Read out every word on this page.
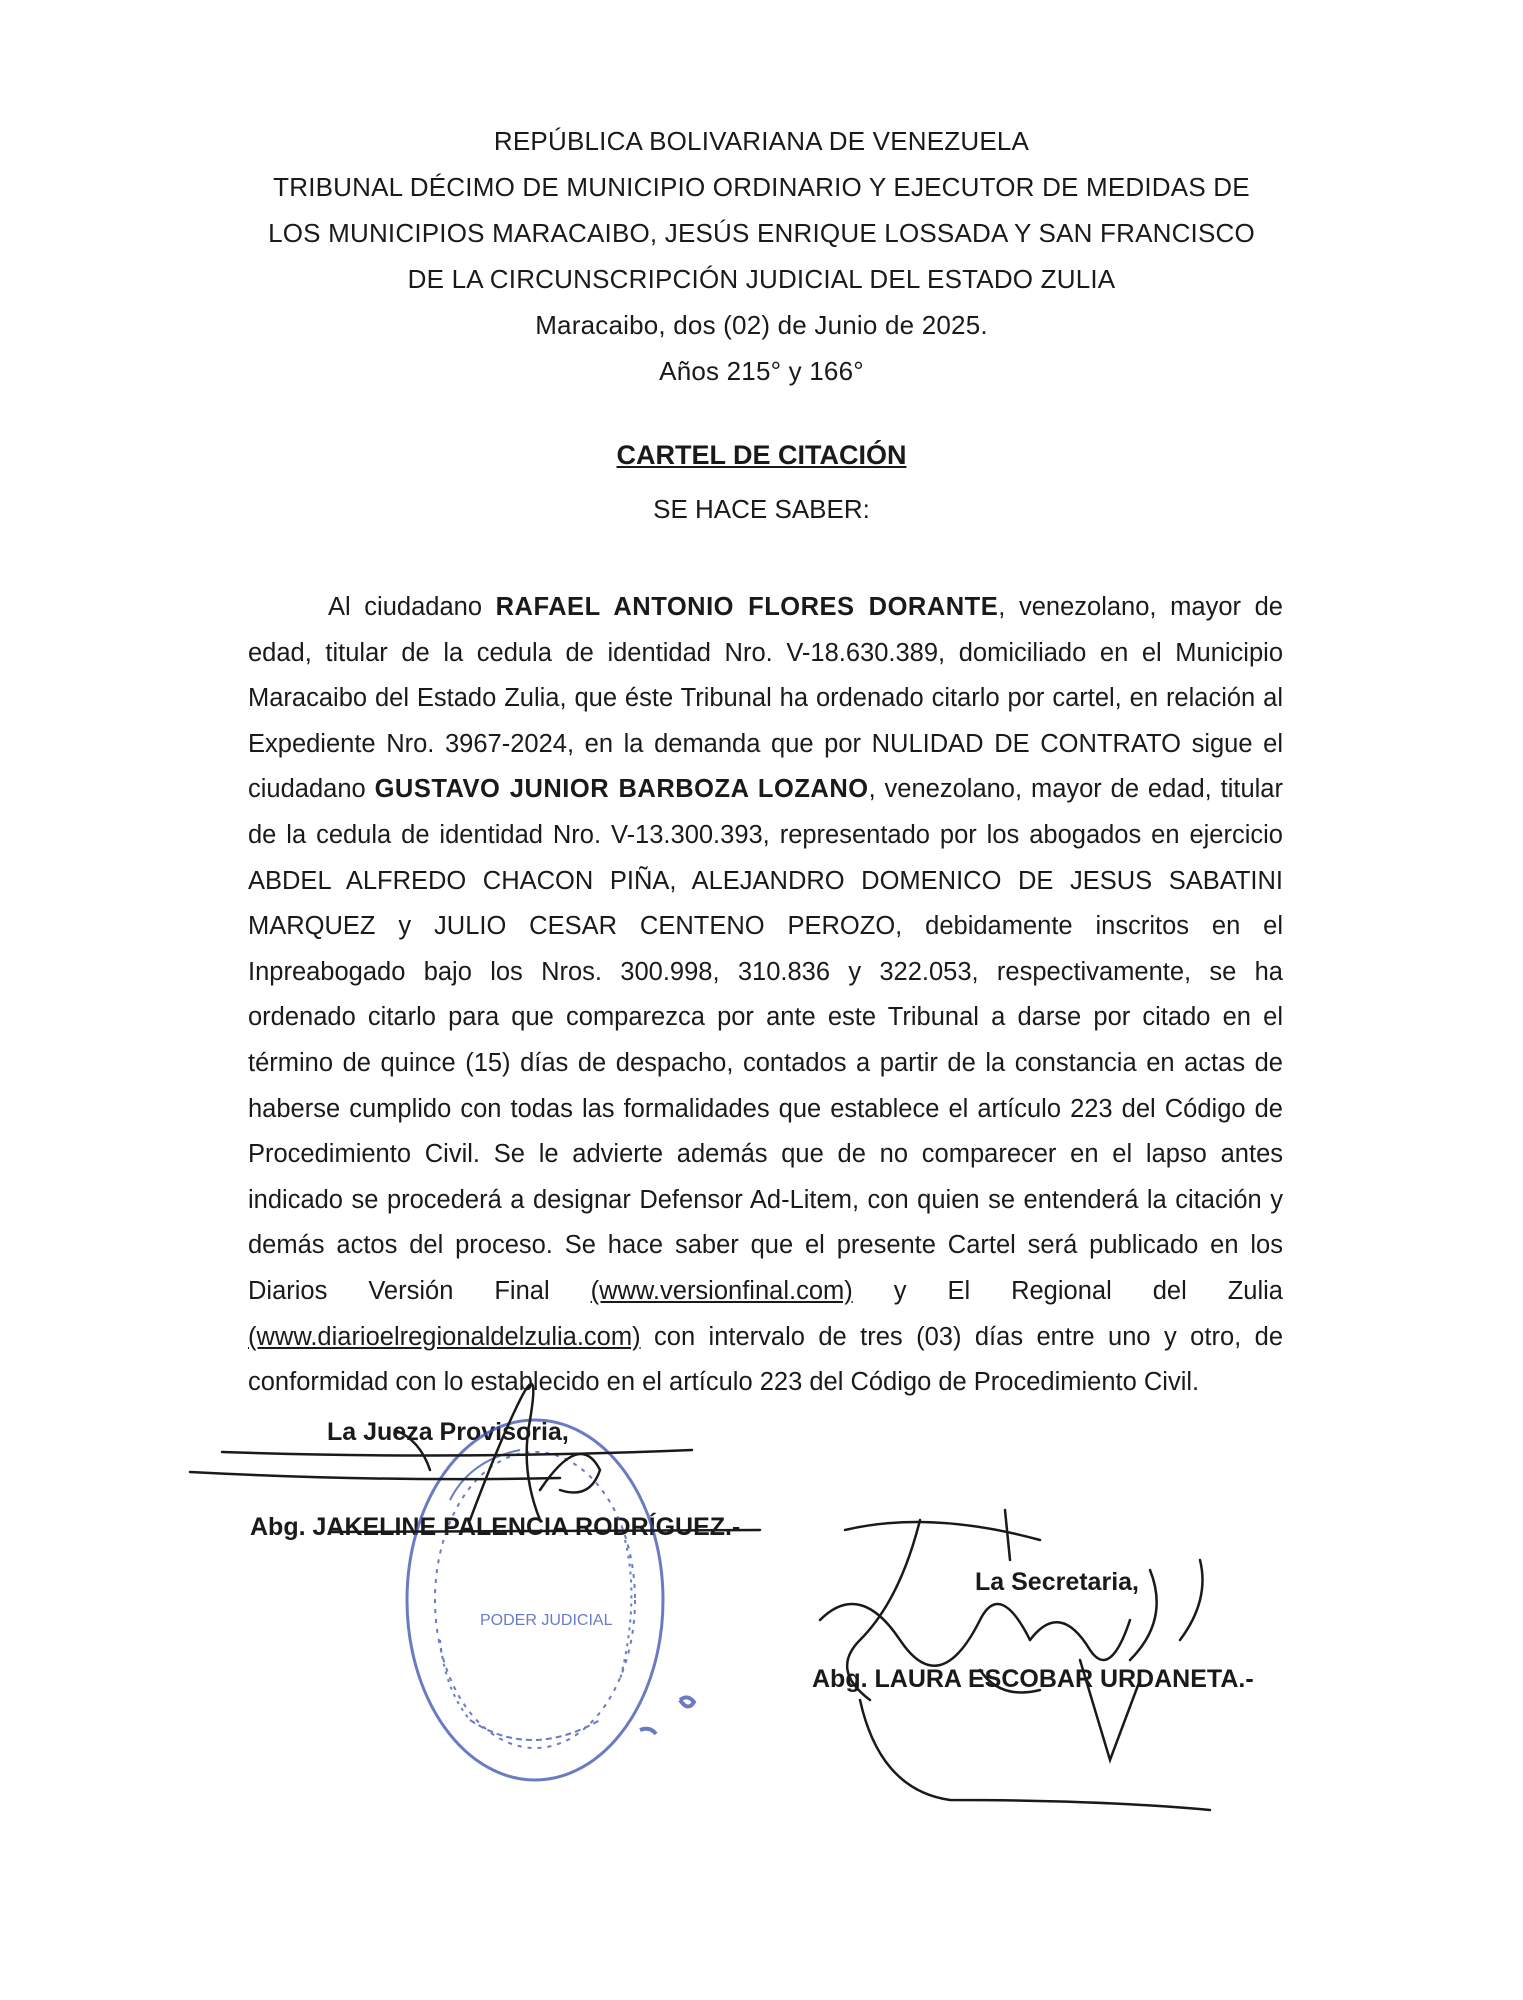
REPÚBLICA BOLIVARIANA DE VENEZUELA
TRIBUNAL DÉCIMO DE MUNICIPIO ORDINARIO Y EJECUTOR DE MEDIDAS DE
LOS MUNICIPIOS MARACAIBO, JESÚS ENRIQUE LOSSADA Y SAN FRANCISCO
DE LA CIRCUNSCRIPCIÓN JUDICIAL DEL ESTADO ZULIA
Maracaibo, dos (02) de Junio de 2025.
Años 215° y 166°
CARTEL DE CITACIÓN
SE HACE SABER:

Al ciudadano RAFAEL ANTONIO FLORES DORANTE, venezolano, mayor de edad, titular de la cedula de identidad Nro. V-18.630.389, domiciliado en el Municipio Maracaibo del Estado Zulia, que éste Tribunal ha ordenado citarlo por cartel, en relación al Expediente Nro. 3967-2024, en la demanda que por NULIDAD DE CONTRATO sigue el ciudadano GUSTAVO JUNIOR BARBOZA LOZANO, venezolano, mayor de edad, titular de la cedula de identidad Nro. V-13.300.393, representado por los abogados en ejercicio ABDEL ALFREDO CHACON PIÑA, ALEJANDRO DOMENICO DE JESUS SABATINI MARQUEZ y JULIO CESAR CENTENO PEROZO, debidamente inscritos en el Inpreabogado bajo los Nros. 300.998, 310.836 y 322.053, respectivamente, se ha ordenado citarlo para que comparezca por ante este Tribunal a darse por citado en el término de quince (15) días de despacho, contados a partir de la constancia en actas de haberse cumplido con todas las formalidades que establece el artículo 223 del Código de Procedimiento Civil. Se le advierte además que de no comparecer en el lapso antes indicado se procederá a designar Defensor Ad-Litem, con quien se entenderá la citación y demás actos del proceso. Se hace saber que el presente Cartel será publicado en los Diarios Versión Final (www.versionfinal.com) y El Regional del Zulia (www.diarioelregionaldelzulia.com) con intervalo de tres (03) días entre uno y otro, de conformidad con lo establecido en el artículo 223 del Código de Procedimiento Civil.

La Jueza Provisoria,
Abg. JAKELINE PALENCIA RODRÍGUEZ.-
La Secretaria,
Abg. LAURA ESCOBAR URDANETA.-
PODER JUDICIAL
